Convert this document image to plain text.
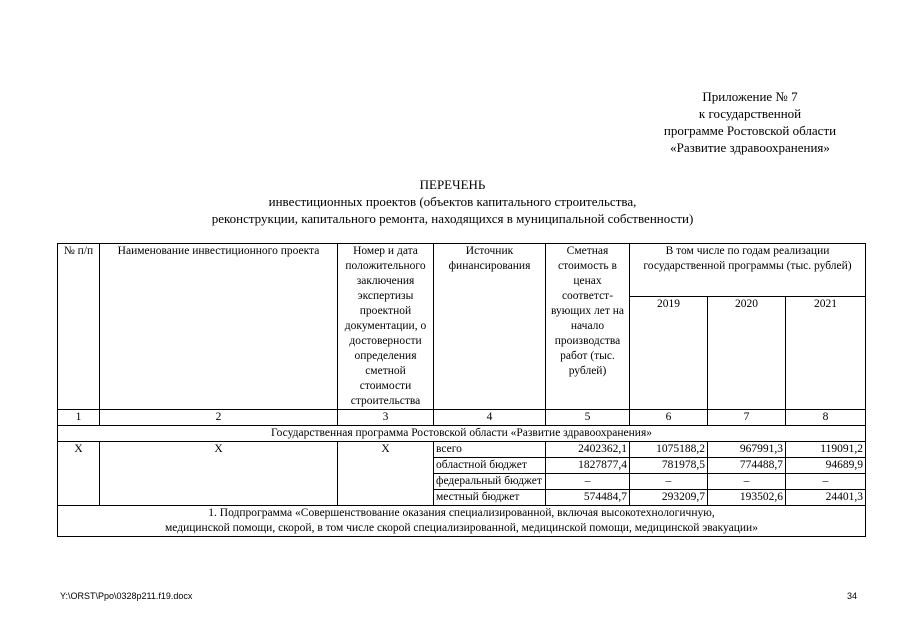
Приложение № 7
к государственной
программе Ростовской области
«Развитие здравоохранения»
ПЕРЕЧЕНЬ
инвестиционных проектов (объектов капитального строительства,
реконструкции, капитального ремонта, находящихся в муниципальной собственности)
№ п/п	Наименование инвестиционного проекта	Номер и дата положительного заключения экспертизы проектной документации, о достоверности определения сметной стоимости строительства	Источник финансирования	Сметная стоимость в ценах соответст-вующих лет на начало производства работ (тыс. рублей)	В том числе по годам реализации государственной программы (тыс. рублей)		
					2019	2020	2021
1	2	3	4	5	6	7	8
Государственная программа Ростовской области «Развитие здравоохранения»							
Х	Х	Х	всего	2402362,1	1075188,2	967991,3	119091,2
			областной бюджет	1827877,4	781978,5	774488,7	94689,9
			федеральный бюджет	–	–	–	–
			местный бюджет	574484,7	293209,7	193502,6	24401,3

1. Подпрограмма «Совершенствование оказания специализированной, включая высокотехнологичную,
медицинской помощи, скорой, в том числе скорой специализированной, медицинской помощи, медицинской эвакуации»							
Y:\ORST\Ppo\0328p211.f19.docx	34
